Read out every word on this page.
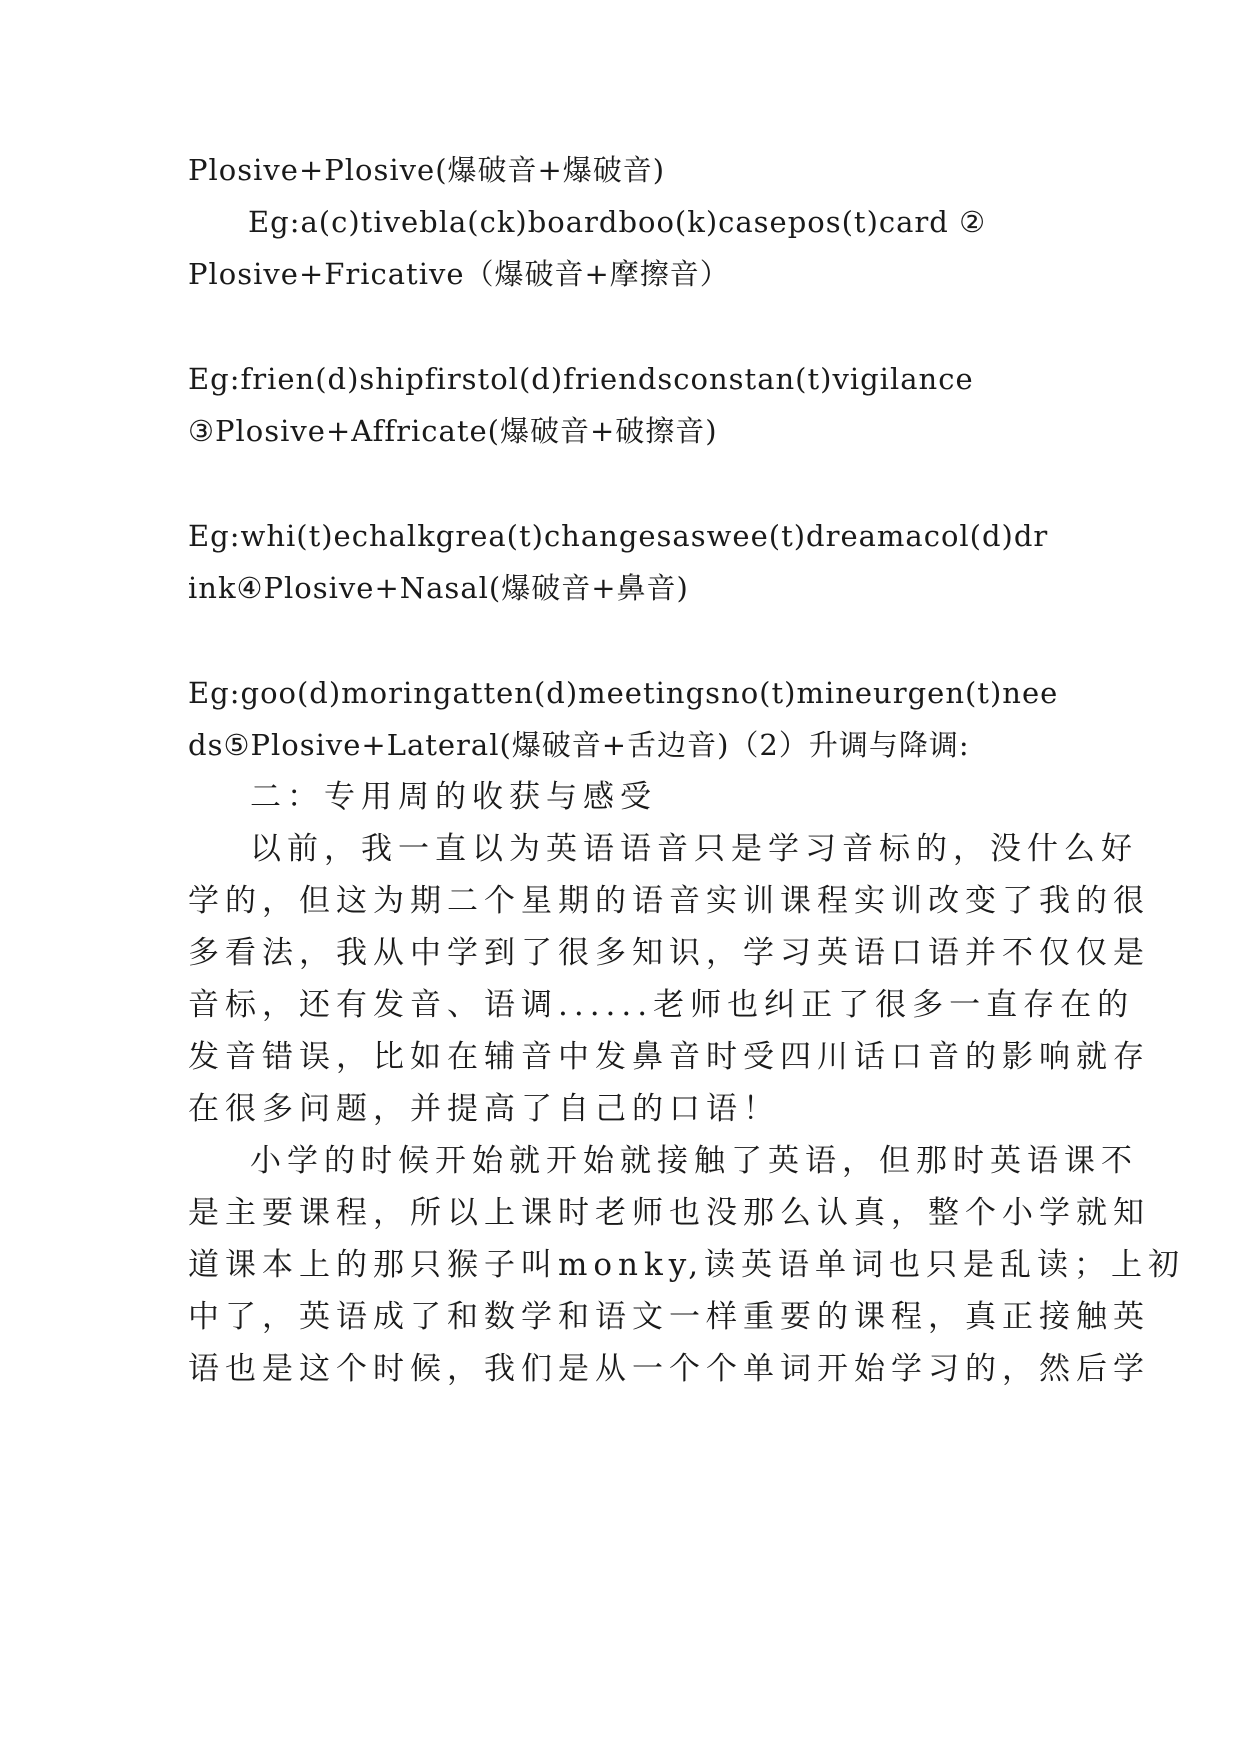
Plosive+Plosive(爆破音+爆破音)
Eg:a(c)tivebla(ck)boardboo(k)casepos(t)card ②
Plosive+Fricative（爆破音+摩擦音）
Eg:frien(d)shipfirstol(d)friendsconstan(t)vigilance
③Plosive+Affricate(爆破音+破擦音)
Eg:whi(t)echalkgrea(t)changesaswee(t)dreamacol(d)dr
ink④Plosive+Nasal(爆破音+鼻音)
Eg:goo(d)moringatten(d)meetingsno(t)mineurgen(t)nee
ds⑤Plosive+Lateral(爆破音+舌边音)（2）升调与降调:
二：专用周的收获与感受
以前，我一直以为英语语音只是学习音标的，没什么好
学的，但这为期二个星期的语音实训课程实训改变了我的很
多看法，我从中学到了很多知识，学习英语口语并不仅仅是
音标，还有发音、语调......老师也纠正了很多一直存在的
发音错误，比如在辅音中发鼻音时受四川话口音的影响就存
在很多问题，并提高了自己的口语！
小学的时候开始就开始就接触了英语，但那时英语课不
是主要课程，所以上课时老师也没那么认真，整个小学就知
道课本上的那只猴子叫monky,读英语单词也只是乱读；上初
中了，英语成了和数学和语文一样重要的课程，真正接触英
语也是这个时候，我们是从一个个单词开始学习的，然后学
